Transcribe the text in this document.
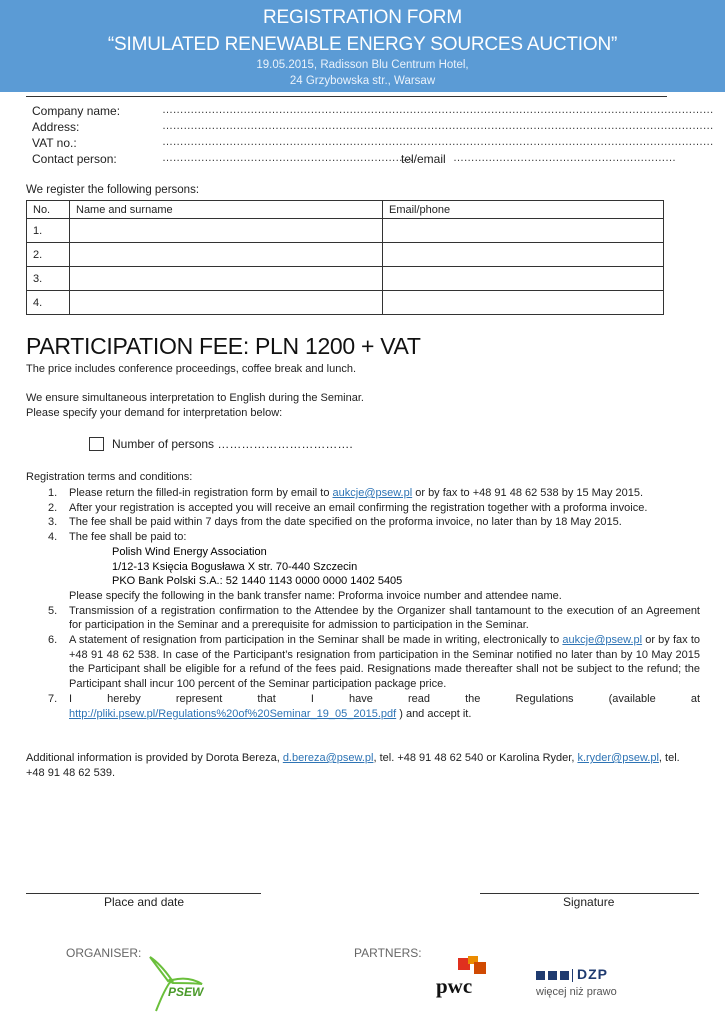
REGISTRATION FORM
“SIMULATED RENEWABLE ENERGY SOURCES AUCTION”
19.05.2015, Radisson Blu Centrum Hotel,
24 Grzybowska str., Warsaw
Company name:	…………………………………………………………………………………………………………………………………………
Address:	…………………………………………………………………………………………………………………………………………
VAT no.:	…………………………………………………………………………………………………………………………………………
Contact person:	………………………………………………………………
tel/email ………………………………………………………
We register the following persons:
No.	Name and surname	Email/phone
1.		
2.		
3.		
4.		
PARTICIPATION FEE: PLN 1200 + VAT
The price includes conference proceedings, coffee break and lunch.
We ensure simultaneous interpretation to English during the Seminar.
Please specify your demand for interpretation below:
Number of persons …………………………….
Registration terms and conditions:
1. Please return the filled-in registration form by email to aukcje@psew.pl or by fax to +48 91 48 62 538 by 15 May 2015.
2. After your registration is accepted you will receive an email confirming the registration together with a proforma invoice.
3. The fee shall be paid within 7 days from the date specified on the proforma invoice, no later than by 18 May 2015.
4. The fee shall be paid to:
Polish Wind Energy Association
1/12-13 Księcia Bogusława X str. 70-440 Szczecin
PKO Bank Polski S.A.: 52 1440 1143 0000 0000 1402 5405
Please specify the following in the bank transfer name: Proforma invoice number and attendee name.
5. Transmission of a registration confirmation to the Attendee by the Organizer shall tantamount to the execution of an Agreement for participation in the Seminar and a prerequisite for admission to participation in the Seminar.
6. A statement of resignation from participation in the Seminar shall be made in writing, electronically to aukcje@psew.pl or by fax to +48 91 48 62 538. In case of the Participant’s resignation from participation in the Seminar notified no later than by 10 May 2015 the Participant shall be eligible for a refund of the fees paid. Resignations made thereafter shall not be subject to the refund; the Participant shall incur 100 percent of the Seminar participation package price.
7. I hereby represent that I have read the Regulations (available at http://pliki.psew.pl/Regulations%20of%20Seminar_19_05_2015.pdf ) and accept it.
Additional information is provided by Dorota Bereza, d.bereza@psew.pl, tel. +48 91 48 62 540 or Karolina Ryder, k.ryder@psew.pl, tel. +48 91 48 62 539.
Place and date	Signature
ORGANISER:	PARTNERS:
PSEW	pwc	DZP
więcej niż prawo
